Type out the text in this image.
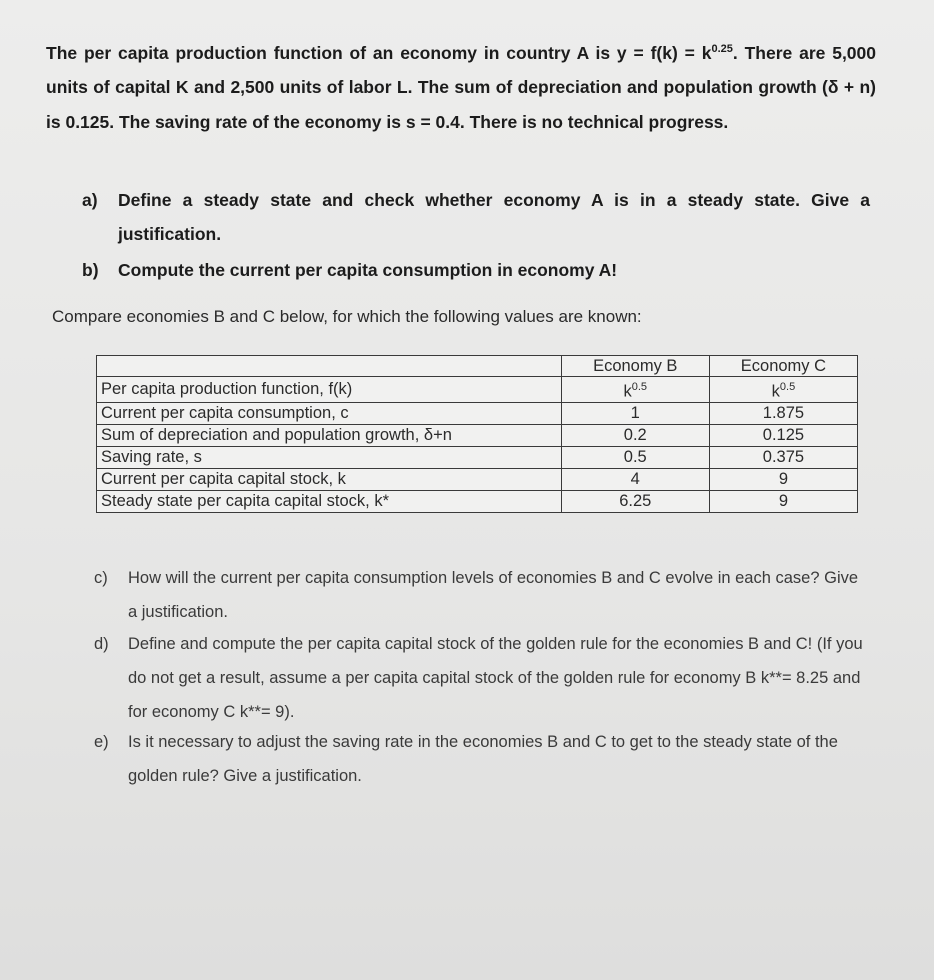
The per capita production function of an economy in country A is $y = f(k) = k^{0.25}$. There are 5,000 units of capital K and 2,500 units of labor L. The sum of depreciation and population growth (δ + n) is 0.125. The saving rate of the economy is s = 0.4. There is no technical progress.
a) Define a steady state and check whether economy A is in a steady state. Give a justification.
b) Compute the current per capita consumption in economy A!
Compare economies B and C below, for which the following values are known:
	Economy B	Economy C
Per capita production function, f(k)	$k^{0.5}$	$k^{0.5}$
Current per capita consumption, c	1	1.875
Sum of depreciation and population growth, δ+n	0.2	0.125
Saving rate, s	0.5	0.375
Current per capita capital stock, k	4	9
Steady state per capita capital stock, k*	6.25	9
c) How will the current per capita consumption levels of economies B and C evolve in each case? Give a justification.
d) Define and compute the per capita capital stock of the golden rule for the economies B and C! (If you do not get a result, assume a per capita capital stock of the golden rule for economy B k**= 8.25 and for economy C k**= 9).
e) Is it necessary to adjust the saving rate in the economies B and C to get to the steady state of the golden rule? Give a justification.
